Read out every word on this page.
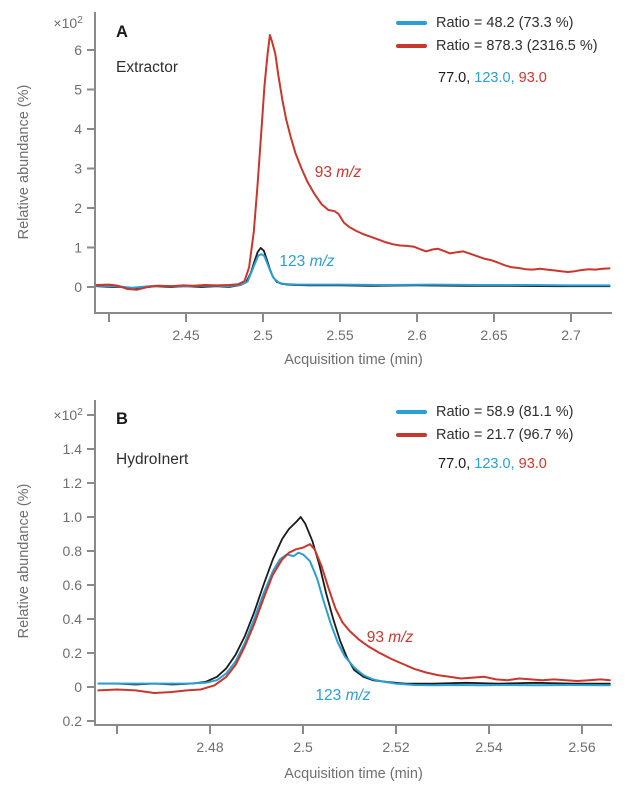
0
1
2
3
4
5
6
2.45	2.5	2.55	2.6	2.65	2.7
$\times 10^2$
93 m/z
123 m/z
0.2
0
0.2
0.4
0.6
0.8
1.0
1.2
1.4
2.48	2.5	2.52	2.54	2.56
$\times 10^2$
93 m/z
123 m/z
A
Extractor
Ratio = 48.2 (73.3 %)
Ratio = 878.3 (2316.5 %)
77.0, 123.0, 93.0
Relative abundance (%)
Acquisition time (min)
B
HydroInert
Ratio = 58.9 (81.1 %)
Ratio = 21.7 (96.7 %)
77.0, 123.0, 93.0
Relative abundance (%)
Acquisition time (min)
